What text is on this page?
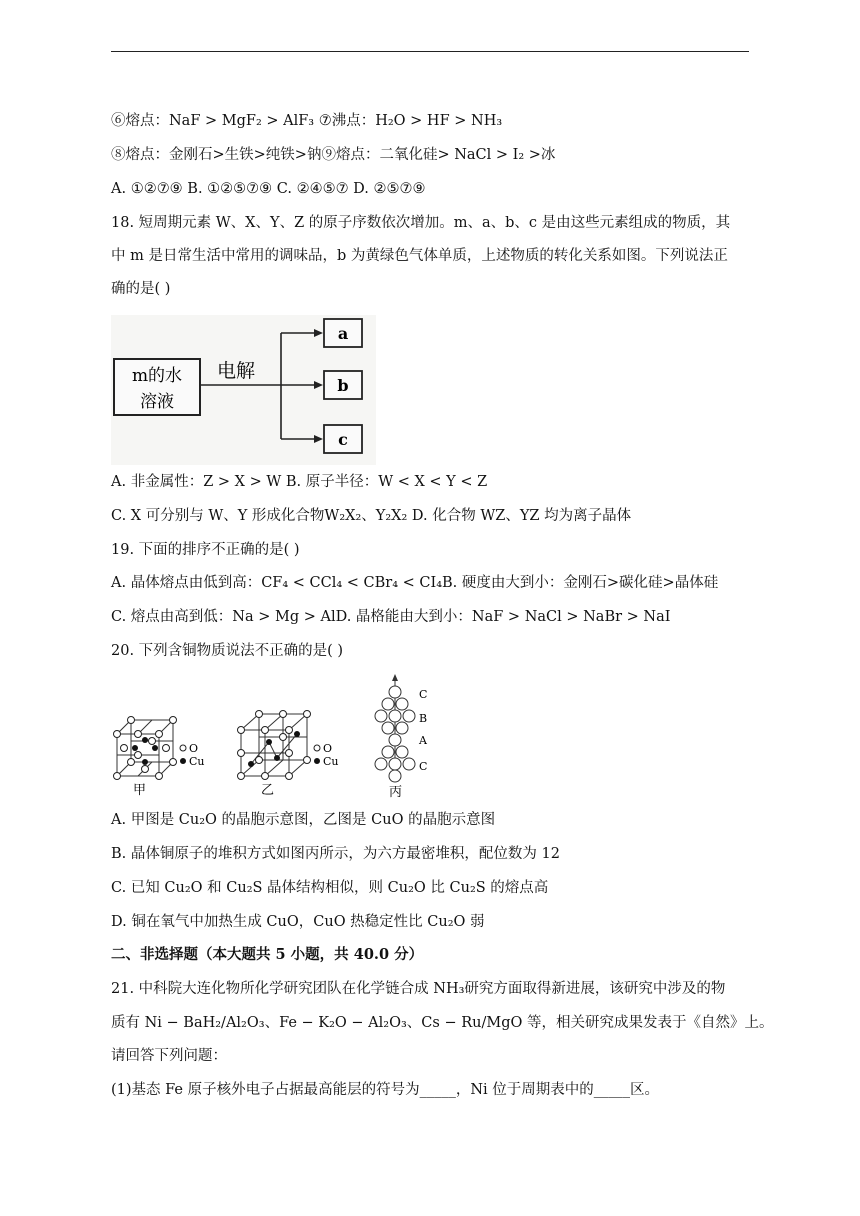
⑥熔点：NaF > MgF₂ > AlF₃ ⑦沸点：H₂O > HF > NH₃
⑧熔点：金刚石>生铁>纯铁>钠⑨熔点：二氧化硅> NaCl > I₂ >冰
A. ①②⑦⑨ B. ①②⑤⑦⑨ C. ②④⑤⑦ D. ②⑤⑦⑨
18. 短周期元素 W、X、Y、Z 的原子序数依次增加。m、a、b、c 是由这些元素组成的物质，其
中 m 是日常生活中常用的调味品，b 为黄绿色气体单质，上述物质的转化关系如图。下列说法正
确的是( )
m的水
溶液
电解
a
b
c
A. 非金属性：Z > X > W B. 原子半径：W < X < Y < Z
C. X 可分别与 W、Y 形成化合物W₂X₂、Y₂X₂ D. 化合物 WZ、YZ 均为离子晶体
19. 下面的排序不正确的是( )
A. 晶体熔点由低到高：CF₄ < CCl₄ < CBr₄ < CI₄B. 硬度由大到小：金刚石>碳化硅>晶体硅
C. 熔点由高到低：Na > Mg > AlD. 晶格能由大到小：NaF > NaCl > NaBr > NaI
20. 下列含铜物质说法不正确的是( )
O
Cu
甲
O
Cu
乙
C
B
A
C
丙
A. 甲图是 Cu₂O 的晶胞示意图，乙图是 CuO 的晶胞示意图
B. 晶体铜原子的堆积方式如图丙所示，为六方最密堆积，配位数为 12
C. 已知 Cu₂O 和 Cu₂S 晶体结构相似，则 Cu₂O 比 Cu₂S 的熔点高
D. 铜在氧气中加热生成 CuO，CuO 热稳定性比 Cu₂O 弱
二、非选择题（本大题共 5 小题，共 40.0 分）
21. 中科院大连化物所化学研究团队在化学链合成 NH₃研究方面取得新进展，该研究中涉及的物
质有 Ni − BaH₂/Al₂O₃、Fe − K₂O − Al₂O₃、Cs − Ru/MgO 等，相关研究成果发表于《自然》上。
请回答下列问题：
(1)基态 Fe 原子核外电子占据最高能层的符号为_____，Ni 位于周期表中的_____区。
